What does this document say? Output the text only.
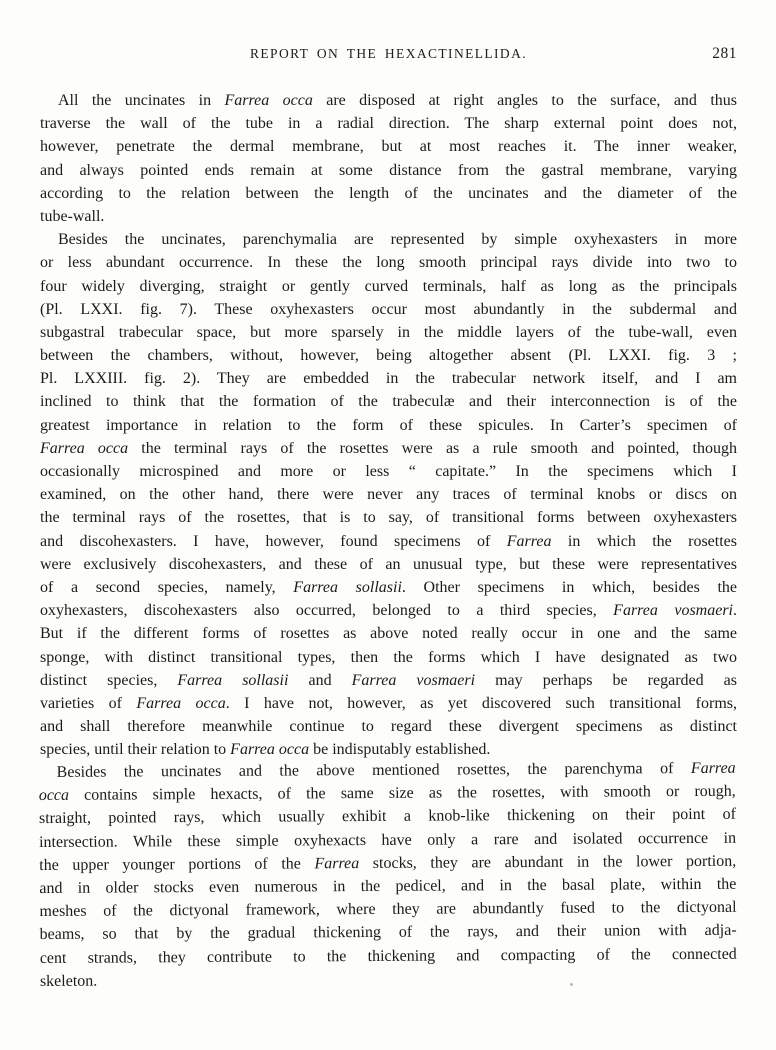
REPORT ON THE HEXACTINELLIDA.	281
All the uncinates in Farrea occa are disposed at right angles to the surface, and thus
traverse the wall of the tube in a radial direction. The sharp external point does not,
however, penetrate the dermal membrane, but at most reaches it. The inner weaker,
and always pointed ends remain at some distance from the gastral membrane, varying
according to the relation between the length of the uncinates and the diameter of the
tube-wall.
Besides the uncinates, parenchymalia are represented by simple oxyhexasters in more
or less abundant occurrence. In these the long smooth principal rays divide into two to
four widely diverging, straight or gently curved terminals, half as long as the principals
(Pl. LXXI. fig. 7). These oxyhexasters occur most abundantly in the subdermal and
subgastral trabecular space, but more sparsely in the middle layers of the tube-wall, even
between the chambers, without, however, being altogether absent (Pl. LXXI. fig. 3 ;
Pl. LXXIII. fig. 2). They are embedded in the trabecular network itself, and I am
inclined to think that the formation of the trabeculæ and their interconnection is of the
greatest importance in relation to the form of these spicules. In Carter’s specimen of
Farrea occa the terminal rays of the rosettes were as a rule smooth and pointed, though
occasionally microspined and more or less “ capitate.” In the specimens which I
examined, on the other hand, there were never any traces of terminal knobs or discs on
the terminal rays of the rosettes, that is to say, of transitional forms between oxyhexasters
and discohexasters. I have, however, found specimens of Farrea in which the rosettes
were exclusively discohexasters, and these of an unusual type, but these were representatives
of a second species, namely, Farrea sollasii. Other specimens in which, besides the
oxyhexasters, discohexasters also occurred, belonged to a third species, Farrea vosmaeri.
But if the different forms of rosettes as above noted really occur in one and the same
sponge, with distinct transitional types, then the forms which I have designated as two
distinct species, Farrea sollasii and Farrea vosmaeri may perhaps be regarded as
varieties of Farrea occa. I have not, however, as yet discovered such transitional forms,
and shall therefore meanwhile continue to regard these divergent specimens as distinct
species, until their relation to Farrea occa be indisputably established.
Besides the uncinates and the above mentioned rosettes, the parenchyma of Farrea
occa contains simple hexacts, of the same size as the rosettes, with smooth or rough,
straight, pointed rays, which usually exhibit a knob-like thickening on their point of
intersection. While these simple oxyhexacts have only a rare and isolated occurrence in
the upper younger portions of the Farrea stocks, they are abundant in the lower portion,
and in older stocks even numerous in the pedicel, and in the basal plate, within the
meshes of the dictyonal framework, where they are abundantly fused to the dictyonal
beams, so that by the gradual thickening of the rays, and their union with adja-
cent strands, they contribute to the thickening and compacting of the connected
skeleton.
